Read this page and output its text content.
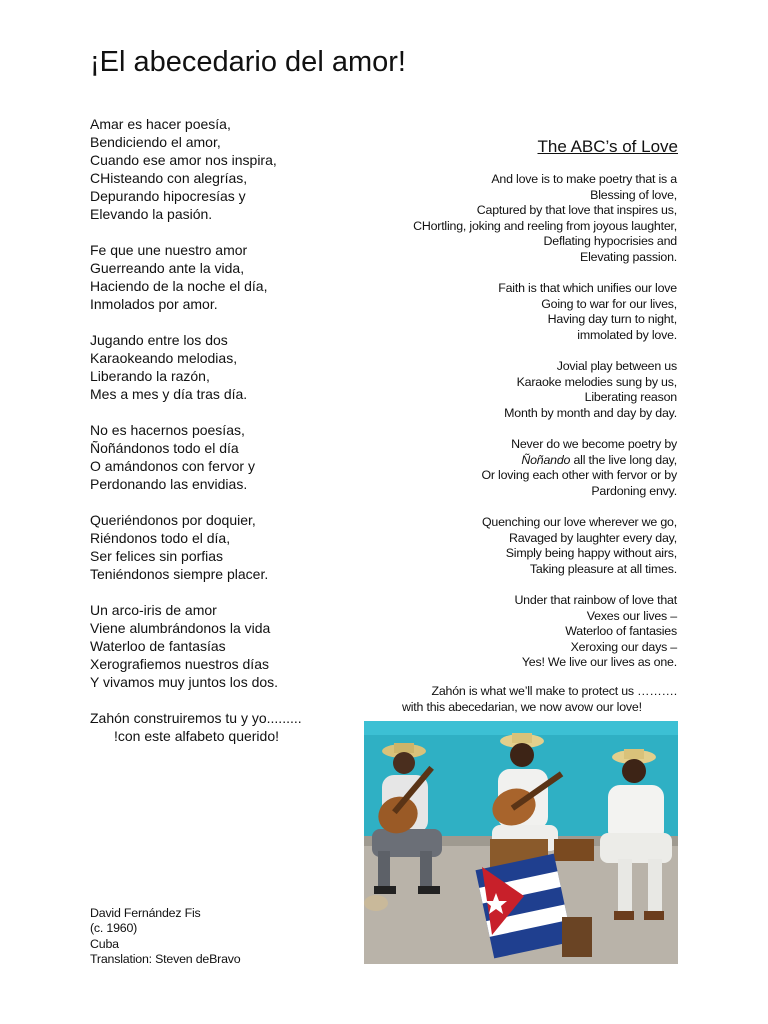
¡El abecedario del amor!

Amar es hacer poesía,
Bendiciendo el amor,
Cuando ese amor nos inspira,
CHisteando con alegrías,
Depurando hipocresías y
Elevando la pasión.

Fe que une nuestro amor
Guerreando ante la vida,
Haciendo de la noche el día,
Inmolados por amor.

Jugando entre los dos
Karaokeando melodias,
Liberando la razón,
Mes a mes y día tras día.

No es hacernos poesías,
Ñoñándonos todo el día
O amándonos con fervor y
Perdonando las envidias.

Queriéndonos por doquier,
Riéndonos todo el día,
Ser felices sin porfias
Teniéndonos siempre placer.

Un arco-iris de amor
Viene alumbrándonos la vida
Waterloo de fantasías
Xerografiemos nuestros días
Y vivamos muy juntos los dos.

Zahón construiremos tu y yo.........
!con este alfabeto querido!

The ABC’s of Love

And love is to make poetry that is a
Blessing of love,
Captured by that love that inspires us,
CHortling, joking and reeling from joyous laughter,
Deflating hypocrisies and
Elevating passion.

Faith is that which unifies our love
Going to war for our lives,
Having day turn to night,
immolated by love.

Jovial play between us
Karaoke melodies sung by us,
Liberating reason
Month by month and day by day.

Never do we become poetry by
Ñoñando all the live long day,
Or loving each other with fervor or by
Pardoning envy.

Quenching our love wherever we go,
Ravaged by laughter every day,
Simply being happy without airs,
Taking pleasure at all times.

Under that rainbow of love that
Vexes our lives –
Waterloo of fantasies
Xeroxing our days –
Yes! We live our lives as one.

Zahón is what we’ll make to protect us ……….
with this abecedarian, we now avow our love!
David Fernández Fis
(c. 1960)
Cuba
Translation: Steven deBravo
